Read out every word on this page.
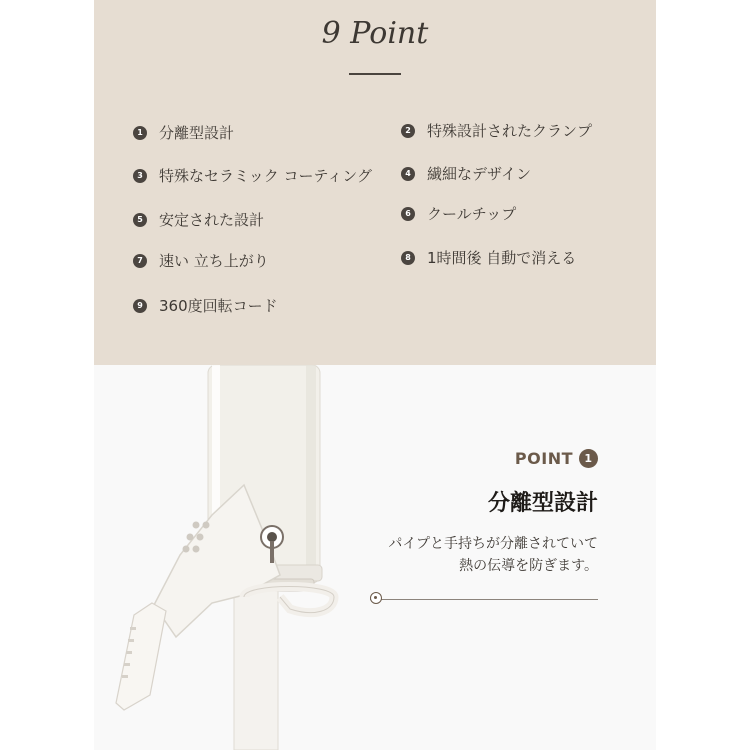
9 Point
1 分離型設計	2 特殊設計されたクランプ
3 特殊なセラミック コーティング	4 繊細なデザイン
5 安定された設計	6 クールチップ
7 速い 立ち上がり	8 1時間後 自動で消える
9 360度回転コード
POINT	1
分離型設計
パイプと手持ちが分離されていて
熱の伝導を防ぎます。
